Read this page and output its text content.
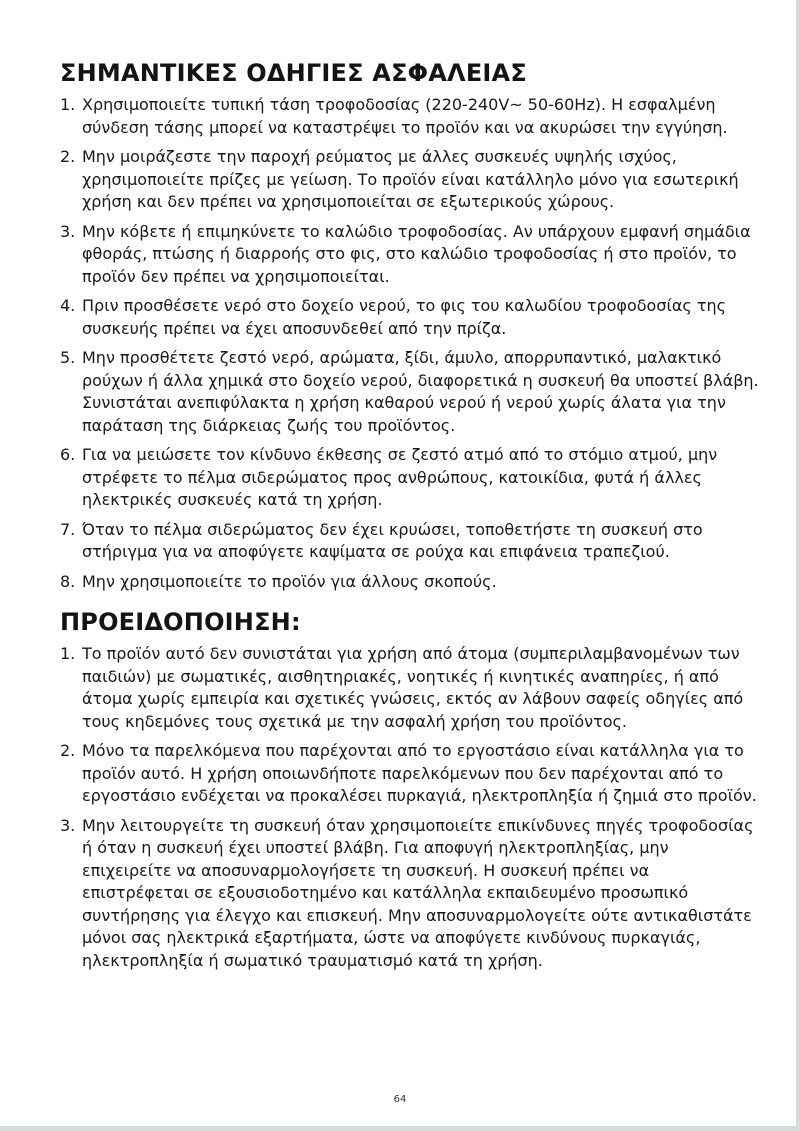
ΣΗΜΑΝΤΙΚΕΣ ΟΔΗΓΙΕΣ ΑΣΦΑΛΕΙΑΣ
1. Χρησιμοποιείτε τυπική τάση τροφοδοσίας (220-240V~ 50-60Hz). Η εσφαλμένη σύνδεση τάσης μπορεί να καταστρέψει το προϊόν και να ακυρώσει την εγγύηση.
2. Μην μοιράζεστε την παροχή ρεύματος με άλλες συσκευές υψηλής ισχύος, χρησιμοποιείτε πρίζες με γείωση. Το προϊόν είναι κατάλληλο μόνο για εσωτερική χρήση και δεν πρέπει να χρησιμοποιείται σε εξωτερικούς χώρους.
3. Μην κόβετε ή επιμηκύνετε το καλώδιο τροφοδοσίας. Αν υπάρχουν εμφανή σημάδια φθοράς, πτώσης ή διαρροής στο φις, στο καλώδιο τροφοδοσίας ή στο προϊόν, το προϊόν δεν πρέπει να χρησιμοποιείται.
4. Πριν προσθέσετε νερό στο δοχείο νερού, το φις του καλωδίου τροφοδοσίας της συσκευής πρέπει να έχει αποσυνδεθεί από την πρίζα.
5. Μην προσθέτετε ζεστό νερό, αρώματα, ξίδι, άμυλο, απορρυπαντικό, μαλακτικό ρούχων ή άλλα χημικά στο δοχείο νερού, διαφορετικά η συσκευή θα υποστεί βλάβη. Συνιστάται ανεπιφύλακτα η χρήση καθαρού νερού ή νερού χωρίς άλατα για την παράταση της διάρκειας ζωής του προϊόντος.
6. Για να μειώσετε τον κίνδυνο έκθεσης σε ζεστό ατμό από το στόμιο ατμού, μην στρέφετε το πέλμα σιδερώματος προς ανθρώπους, κατοικίδια, φυτά ή άλλες ηλεκτρικές συσκευές κατά τη χρήση.
7. Όταν το πέλμα σιδερώματος δεν έχει κρυώσει, τοποθετήστε τη συσκευή στο στήριγμα για να αποφύγετε καψίματα σε ρούχα και επιφάνεια τραπεζιού.
8. Μην χρησιμοποιείτε το προϊόν για άλλους σκοπούς.
ΠΡΟΕΙΔΟΠΟΙΗΣΗ:
1. Το προϊόν αυτό δεν συνιστάται για χρήση από άτομα (συμπεριλαμβανομένων των παιδιών) με σωματικές, αισθητηριακές, νοητικές ή κινητικές αναπηρίες, ή από άτομα χωρίς εμπειρία και σχετικές γνώσεις, εκτός αν λάβουν σαφείς οδηγίες από τους κηδεμόνες τους σχετικά με την ασφαλή χρήση του προϊόντος.
2. Μόνο τα παρελκόμενα που παρέχονται από το εργοστάσιο είναι κατάλληλα για το προϊόν αυτό. Η χρήση οποιωνδήποτε παρελκόμενων που δεν παρέχονται από το εργοστάσιο ενδέχεται να προκαλέσει πυρκαγιά, ηλεκτροπληξία ή ζημιά στο προϊόν.
3. Μην λειτουργείτε τη συσκευή όταν χρησιμοποιείτε επικίνδυνες πηγές τροφοδοσίας ή όταν η συσκευή έχει υποστεί βλάβη. Για αποφυγή ηλεκτροπληξίας, μην επιχειρείτε να αποσυναρμολογήσετε τη συσκευή. Η συσκευή πρέπει να επιστρέφεται σε εξουσιοδοτημένο και κατάλληλα εκπαιδευμένο προσωπικό συντήρησης για έλεγχο και επισκευή. Μην αποσυναρμολογείτε ούτε αντικαθιστάτε μόνοι σας ηλεκτρικά εξαρτήματα, ώστε να αποφύγετε κινδύνους πυρκαγιάς, ηλεκτροπληξία ή σωματικό τραυματισμό κατά τη χρήση.
64
